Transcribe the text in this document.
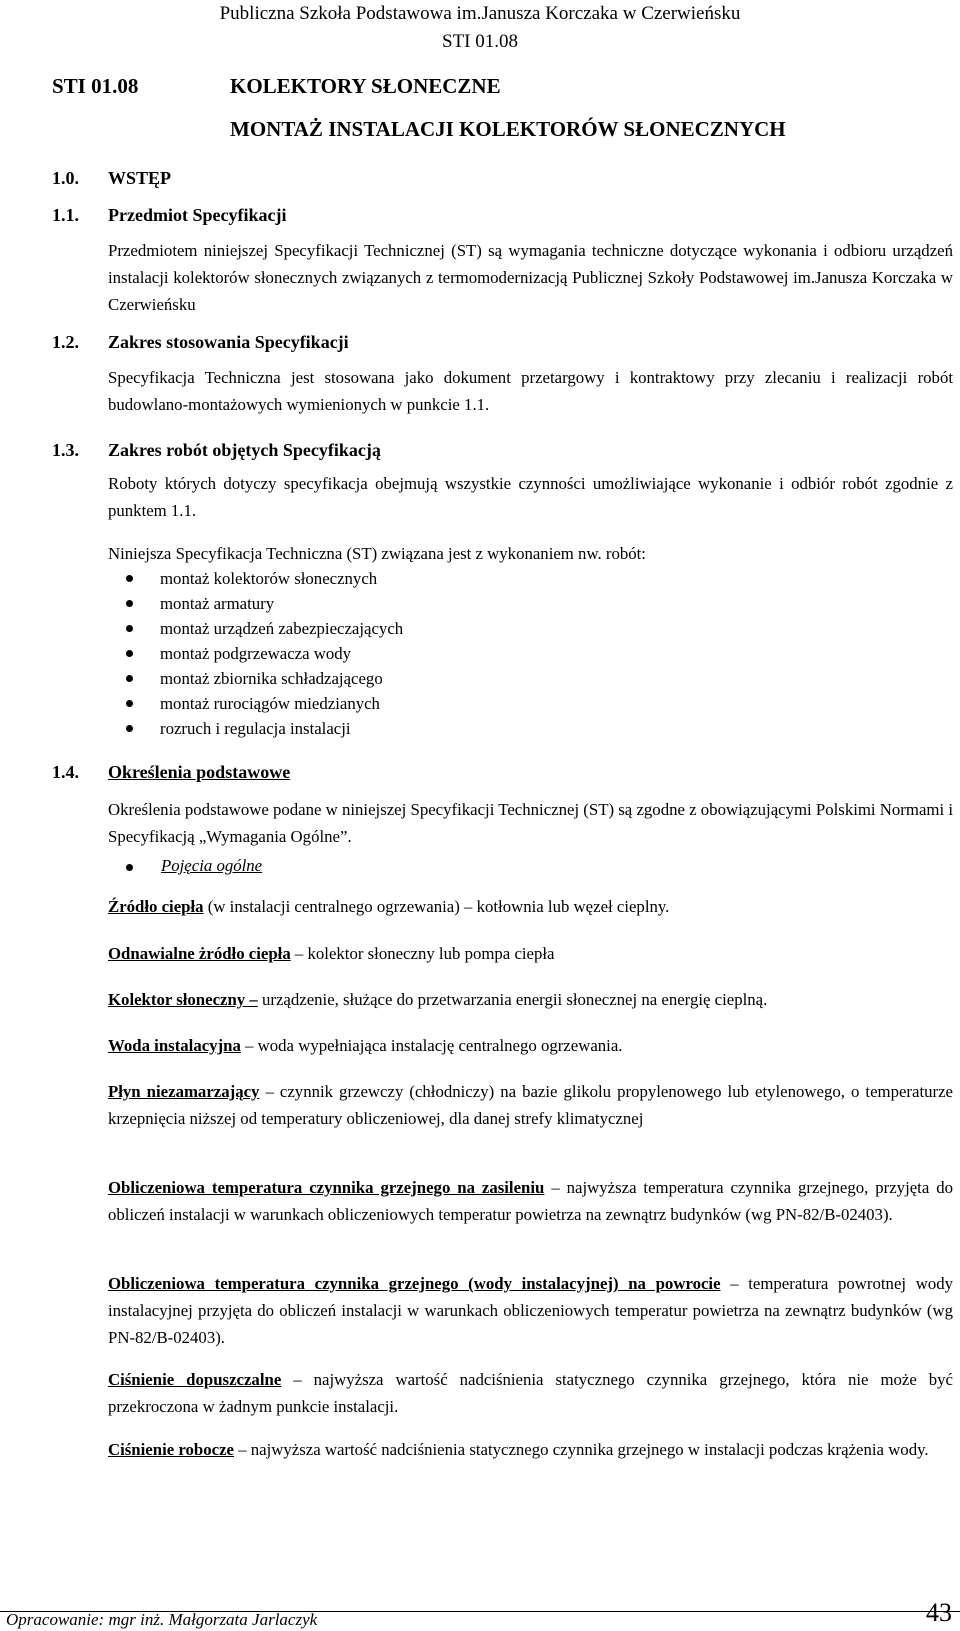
Publiczna Szkoła Podstawowa im.Janusza Korczaka w Czerwieńsku
STI 01.08
STI 01.08	KOLEKTORY SŁONECZNE
MONTAŻ INSTALACJI KOLEKTORÓW SŁONECZNYCH
1.0. WSTĘP
1.1. Przedmiot Specyfikacji
Przedmiotem niniejszej Specyfikacji Technicznej (ST) są wymagania techniczne dotyczące wykonania i odbioru urządzeń instalacji kolektorów słonecznych związanych z termomodernizacją Publicznej Szkoły Podstawowej im.Janusza Korczaka w Czerwieńsku
1.2. Zakres stosowania Specyfikacji
Specyfikacja Techniczna jest stosowana jako dokument przetargowy i kontraktowy przy zlecaniu i realizacji robót budowlano-montażowych wymienionych w punkcie 1.1.
1.3. Zakres robót objętych Specyfikacją
Roboty których dotyczy specyfikacja obejmują wszystkie czynności umożliwiające wykonanie i odbiór robót zgodnie z punktem 1.1.
Niniejsza Specyfikacja Techniczna (ST) związana jest z wykonaniem nw. robót:
montaż kolektorów słonecznych
montaż armatury
montaż urządzeń zabezpieczających
montaż podgrzewacza wody
montaż zbiornika schładzającego
montaż rurociągów miedzianych
rozruch i regulacja instalacji
1.4. Określenia podstawowe
Określenia podstawowe podane w niniejszej Specyfikacji Technicznej (ST) są zgodne z obowiązującymi Polskimi Normami i Specyfikacją „Wymagania Ogólne”.
Pojęcia ogólne
Źródło ciepła (w instalacji centralnego ogrzewania) – kotłownia lub węzeł cieplny.
Odnawialne żródło ciepła – kolektor słoneczny lub pompa ciepła
Kolektor słoneczny – urządzenie, służące do przetwarzania energii słonecznej na energię cieplną.
Woda instalacyjna – woda wypełniająca instalację centralnego ogrzewania.
Płyn niezamarzający – czynnik grzewczy (chłodniczy) na bazie glikolu propylenowego lub etylenowego, o temperaturze krzepnięcia niższej od temperatury obliczeniowej, dla danej strefy klimatycznej
Obliczeniowa temperatura czynnika grzejnego na zasileniu – najwyższa temperatura czynnika grzejnego, przyjęta do obliczeń instalacji w warunkach obliczeniowych temperatur powietrza na zewnątrz budynków (wg PN-82/B-02403).
Obliczeniowa temperatura czynnika grzejnego (wody instalacyjnej) na powrocie – temperatura powrotnej wody instalacyjnej przyjęta do obliczeń instalacji w warunkach obliczeniowych temperatur powietrza na zewnątrz budynków (wg PN-82/B-02403).
Ciśnienie dopuszczalne – najwyższa wartość nadciśnienia statycznego czynnika grzejnego, która nie może być przekroczona w żadnym punkcie instalacji.
Ciśnienie robocze – najwyższa wartość nadciśnienia statycznego czynnika grzejnego w instalacji podczas krążenia wody.
Opracowanie: mgr inż. Małgorzata Jarlaczyk	43
